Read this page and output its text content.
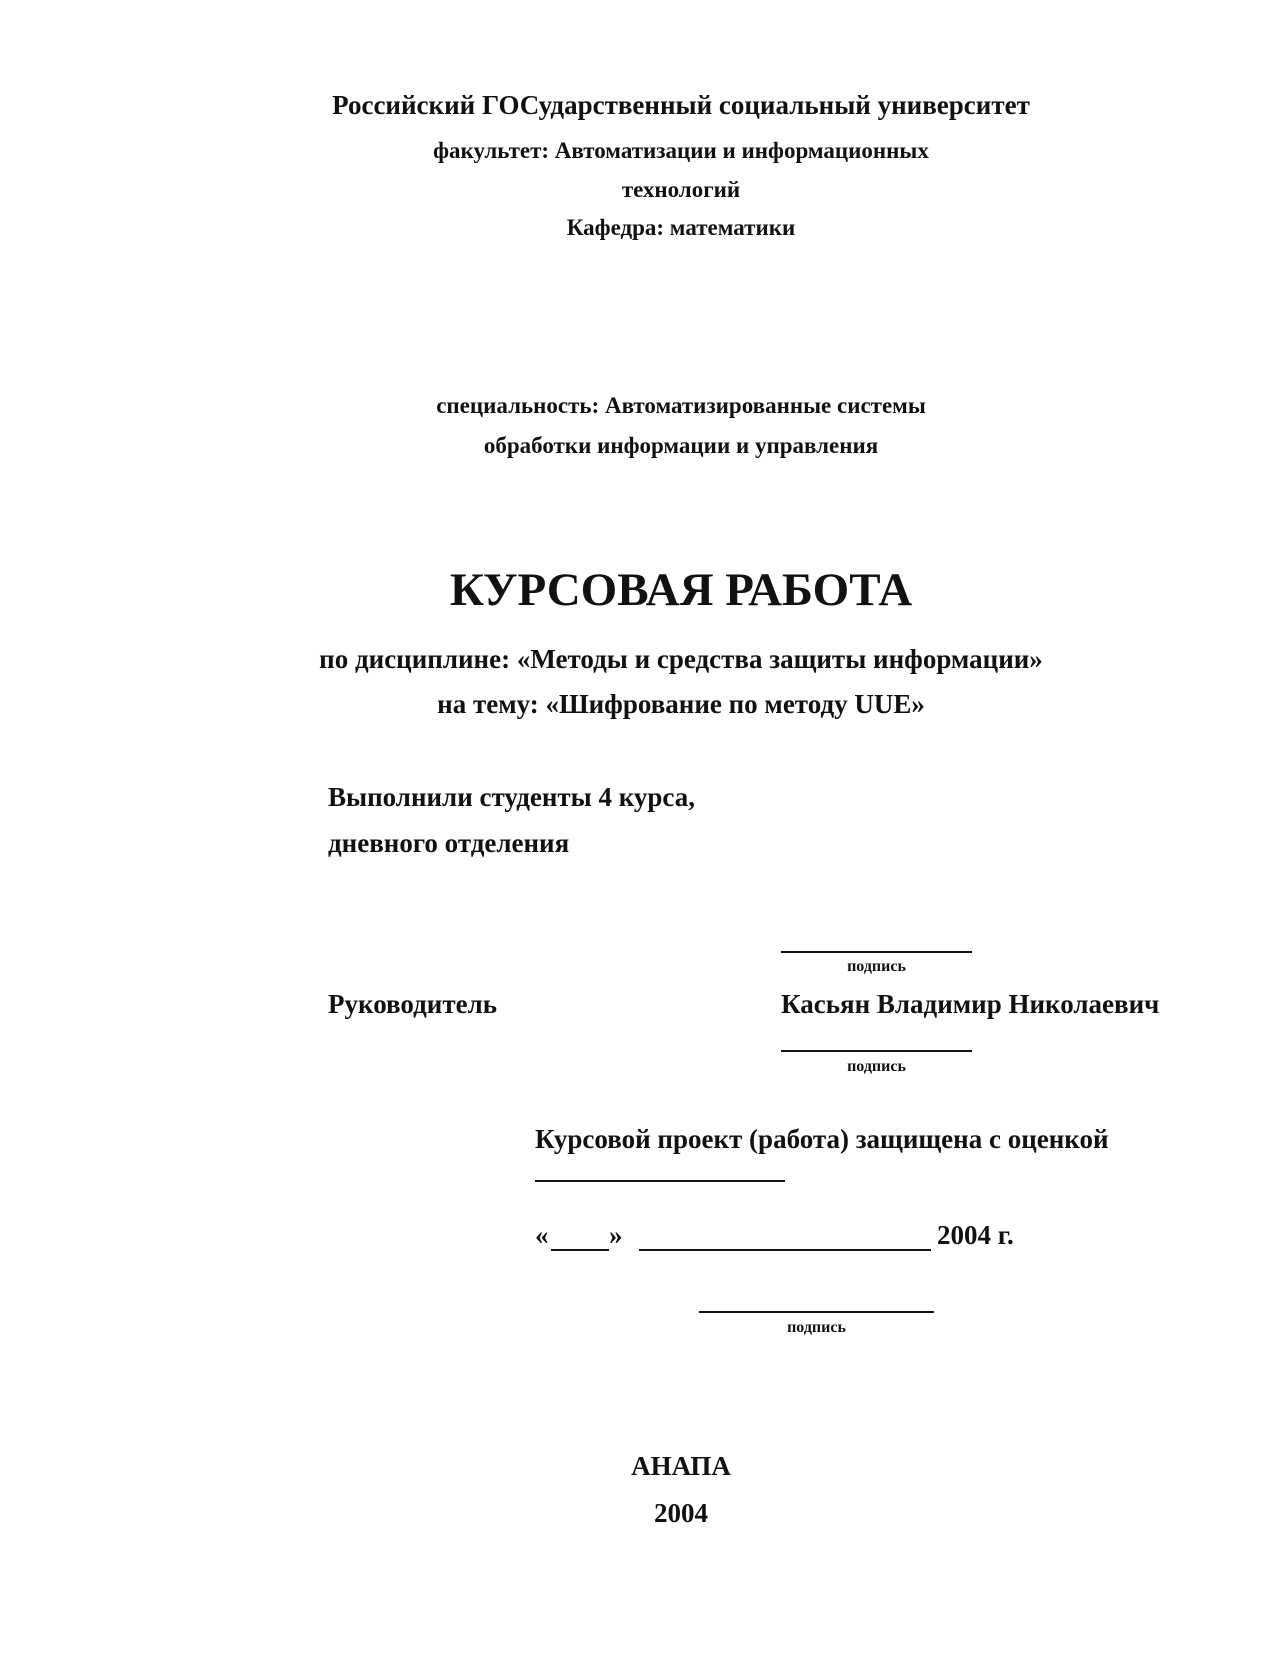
Российский ГОСударственный социальный университет
факультет: Автоматизации и информационных
технологий
Кафедра: математики
специальность: Автоматизированные системы
обработки информации и управления
КУРСОВАЯ РАБОТА
по дисциплине: «Методы и средства защиты информации»
на тему: «Шифрование по методу UUE»
Выполнили студенты 4 курса,
дневного отделения
подпись
Руководитель	Касьян Владимир Николаевич
подпись
Курсовой проект (работа) защищена с оценкой
« »	2004 г.
подпись
АНАПА
2004
